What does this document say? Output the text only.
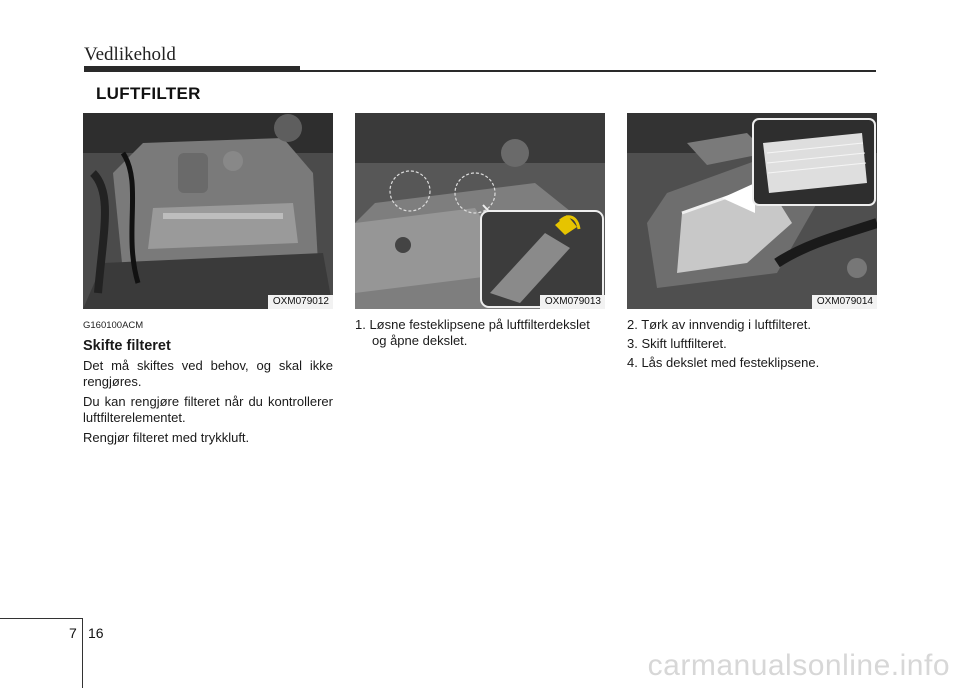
Vedlikehold
LUFTFILTER
OXM079012	OXM079013	OXM079014
G160100ACM
Skifte filteret

Det må skiftes ved behov, og skal ikke rengjøres.

Du kan rengjøre filteret når du kontrollerer luftfilterelementet.

Rengjør filteret med trykkluft.

1. Løsne festeklipsene på luftfilterdekslet og åpne dekslet.

2. Tørk av innvendig i luftfilteret.

3. Skift luftfilteret.

4. Lås dekslet med festeklipsene.

7 16
carmanualsonline.info
